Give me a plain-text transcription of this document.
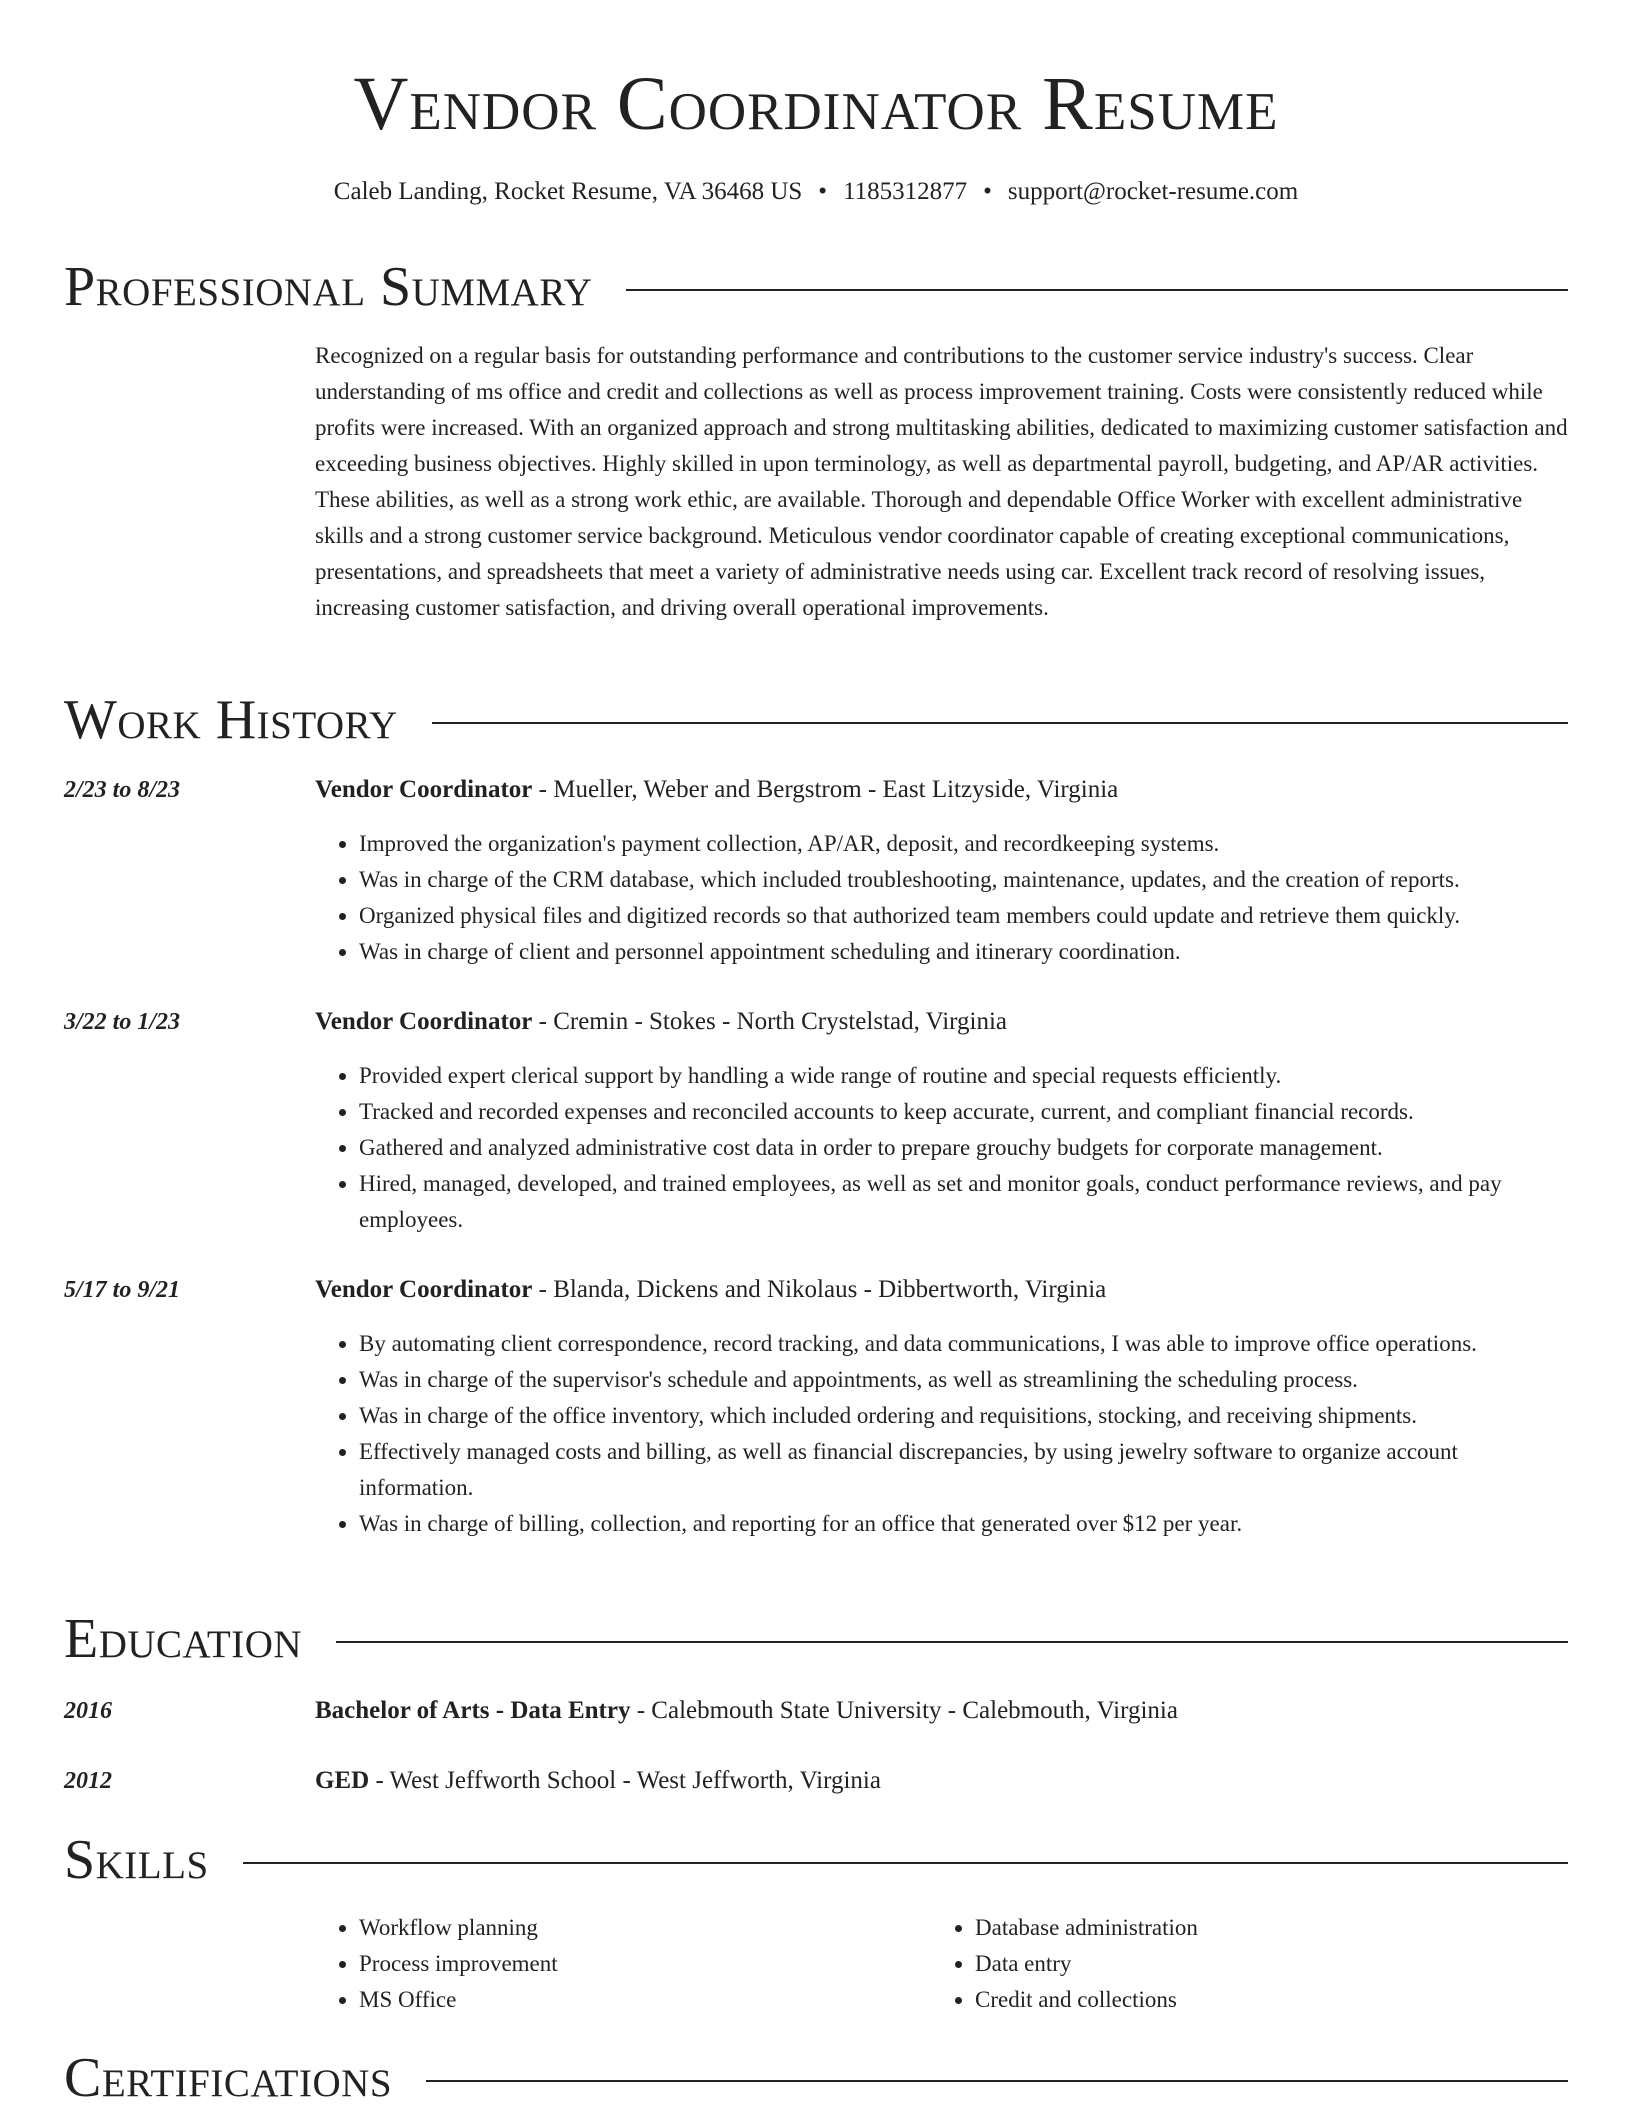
Vendor Coordinator Resume
Caleb Landing, Rocket Resume, VA 36468 US • 1185312877 • support@rocket-resume.com
Professional Summary

Recognized on a regular basis for outstanding performance and contributions to the customer service industry's success. Clear understanding of ms office and credit and collections as well as process improvement training. Costs were consistently reduced while profits were increased. With an organized approach and strong multitasking abilities, dedicated to maximizing customer satisfaction and exceeding business objectives. Highly skilled in upon terminology, as well as departmental payroll, budgeting, and AP/AR activities. These abilities, as well as a strong work ethic, are available. Thorough and dependable Office Worker with excellent administrative skills and a strong customer service background. Meticulous vendor coordinator capable of creating exceptional communications, presentations, and spreadsheets that meet a variety of administrative needs using car. Excellent track record of resolving issues, increasing customer satisfaction, and driving overall operational improvements.

Work History
2/23 to 8/23	Vendor Coordinator - Mueller, Weber and Bergstrom - East Litzyside, Virginia
• Improved the organization's payment collection, AP/AR, deposit, and recordkeeping systems.
• Was in charge of the CRM database, which included troubleshooting, maintenance, updates, and the creation of reports.
• Organized physical files and digitized records so that authorized team members could update and retrieve them quickly.
• Was in charge of client and personnel appointment scheduling and itinerary coordination.
3/22 to 1/23	Vendor Coordinator - Cremin - Stokes - North Crystelstad, Virginia
• Provided expert clerical support by handling a wide range of routine and special requests efficiently.
• Tracked and recorded expenses and reconciled accounts to keep accurate, current, and compliant financial records.
• Gathered and analyzed administrative cost data in order to prepare grouchy budgets for corporate management.
• Hired, managed, developed, and trained employees, as well as set and monitor goals, conduct performance reviews, and pay employees.
5/17 to 9/21	Vendor Coordinator - Blanda, Dickens and Nikolaus - Dibbertworth, Virginia
• By automating client correspondence, record tracking, and data communications, I was able to improve office operations.
• Was in charge of the supervisor's schedule and appointments, as well as streamlining the scheduling process.
• Was in charge of the office inventory, which included ordering and requisitions, stocking, and receiving shipments.
• Effectively managed costs and billing, as well as financial discrepancies, by using jewelry software to organize account information.
• Was in charge of billing, collection, and reporting for an office that generated over $12 per year.
Education
2016	Bachelor of Arts - Data Entry - Calebmouth State University - Calebmouth, Virginia
2012	GED - West Jeffworth School - West Jeffworth, Virginia
Skills
• Workflow planning
• Process improvement
• MS Office
• Database administration
• Data entry
• Credit and collections
Certifications
